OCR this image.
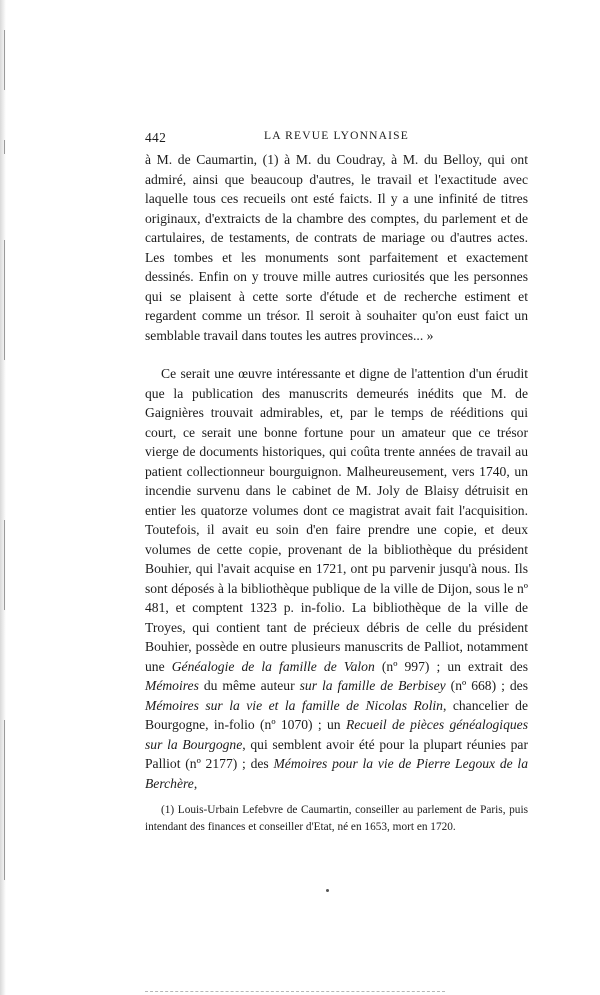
442	LA REVUE LYONNAISE

à M. de Caumartin, (1) à M. du Coudray, à M. du Belloy, qui ont admiré, ainsi que beaucoup d'autres, le travail et l'exactitude avec laquelle tous ces recueils ont esté faicts. Il y a une infinité de titres originaux, d'extraicts de la chambre des comptes, du parlement et de cartulaires, de testaments, de contrats de mariage ou d'autres actes. Les tombes et les monuments sont parfaitement et exactement dessinés. Enfin on y trouve mille autres curiosités que les personnes qui se plaisent à cette sorte d'étude et de recherche estiment et regardent comme un trésor. Il seroit à souhaiter qu'on eust faict un semblable travail dans toutes les autres provinces... »

Ce serait une œuvre intéressante et digne de l'attention d'un érudit que la publication des manuscrits demeurés inédits que M. de Gaignières trouvait admirables, et, par le temps de rééditions qui court, ce serait une bonne fortune pour un amateur que ce trésor vierge de documents historiques, qui coûta trente années de travail au patient collectionneur bourguignon. Malheureusement, vers 1740, un incendie survenu dans le cabinet de M. Joly de Blaisy détruisit en entier les quatorze volumes dont ce magistrat avait fait l'acquisition. Toutefois, il avait eu soin d'en faire prendre une copie, et deux volumes de cette copie, provenant de la bibliothèque du président Bouhier, qui l'avait acquise en 1721, ont pu parvenir jusqu'à nous. Ils sont déposés à la bibliothèque publique de la ville de Dijon, sous le nº 481, et comptent 1323 p. in-folio. La bibliothèque de la ville de Troyes, qui contient tant de précieux débris de celle du président Bouhier, possède en outre plusieurs manuscrits de Palliot, notamment une Généalogie de la famille de Valon (nº 997) ; un extrait des Mémoires du même auteur sur la famille de Berbisey (nº 668) ; des Mémoires sur la vie et la famille de Nicolas Rolin, chancelier de Bourgogne, in-folio (nº 1070) ; un Recueil de pièces généalogiques sur la Bourgogne, qui semblent avoir été pour la plupart réunies par Palliot (nº 2177) ; des Mémoires pour la vie de Pierre Legoux de la Berchère,

(1) Louis-Urbain Lefebvre de Caumartin, conseiller au parlement de Paris, puis intendant des finances et conseiller d'Etat, né en 1653, mort en 1720.
